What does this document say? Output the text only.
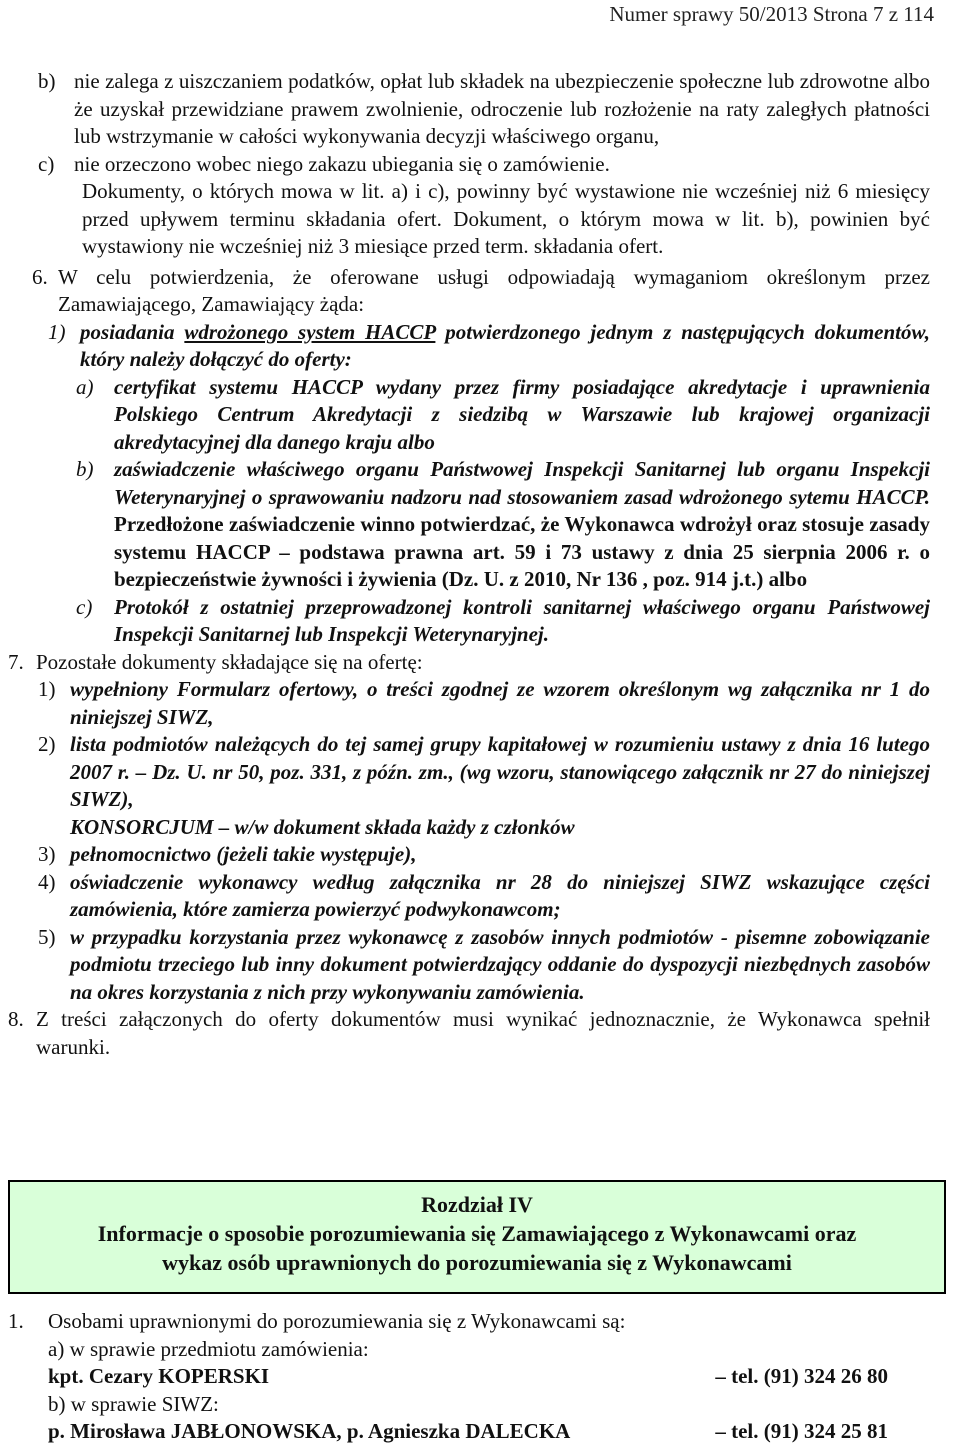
Numer sprawy 50/2013 Strona 7 z 114
b) nie zalega z uiszczaniem podatków, opłat lub składek na ubezpieczenie społeczne lub zdrowotne albo że uzyskał przewidziane prawem zwolnienie, odroczenie lub rozłożenie na raty zaległych płatności lub wstrzymanie w całości wykonywania decyzji właściwego organu,
c) nie orzeczono wobec niego zakazu ubiegania się o zamówienie.

Dokumenty, o których mowa w lit. a) i c), powinny być wystawione nie wcześniej niż 6 miesięcy przed upływem terminu składania ofert. Dokument, o którym mowa w lit. b), powinien być wystawiony nie wcześniej niż 3 miesiące przed term. składania ofert.

6. W celu potwierdzenia, że oferowane usługi odpowiadają wymaganiom określonym przez Zamawiającego, Zamawiający żąda:
1) posiadania wdrożonego system HACCP potwierdzonego jednym z następujących dokumentów, który należy dołączyć do oferty:
a) certyfikat systemu HACCP wydany przez firmy posiadające akredytacje i uprawnienia Polskiego Centrum Akredytacji z siedzibą w Warszawie lub krajowej organizacji akredytacyjnej dla danego kraju albo
b) zaświadczenie właściwego organu Państwowej Inspekcji Sanitarnej lub organu Inspekcji Weterynaryjnej o sprawowaniu nadzoru nad stosowaniem zasad wdrożonego sytemu HACCP. Przedłożone zaświadczenie winno potwierdzać, że Wykonawca wdrożył oraz stosuje zasady systemu HACCP – podstawa prawna art. 59 i 73 ustawy z dnia 25 sierpnia 2006 r. o bezpieczeństwie żywności i żywienia (Dz. U. z 2010, Nr 136 , poz. 914 j.t.) albo
c)	Protokół z ostatniej przeprowadzonej kontroli sanitarnej właściwego organu Państwowej Inspekcji Sanitarnej lub Inspekcji Weterynaryjnej.
7. Pozostałe dokumenty składające się na ofertę:
1) wypełniony Formularz ofertowy, o treści zgodnej ze wzorem określonym wg załącznika nr 1 do niniejszej SIWZ,
2) lista podmiotów należących do tej samej grupy kapitałowej w rozumieniu ustawy z dnia 16 lutego 2007 r. – Dz. U. nr 50, poz. 331, z późn. zm., (wg wzoru, stanowiącego załącznik nr 27 do niniejszej SIWZ),
KONSORCJUM – w/w dokument składa każdy z członków
3) pełnomocnictwo (jeżeli takie występuje),
4) oświadczenie wykonawcy według załącznika nr 28 do niniejszej SIWZ wskazujące części zamówienia, które zamierza powierzyć podwykonawcom;
5) w przypadku korzystania przez wykonawcę z zasobów innych podmiotów - pisemne zobowiązanie podmiotu trzeciego lub inny dokument potwierdzający oddanie do dyspozycji niezbędnych zasobów na okres korzystania z nich przy wykonywaniu zamówienia.
8. Z treści załączonych do oferty dokumentów musi wynikać jednoznacznie, że Wykonawca spełnił warunki.
Rozdział IV
Informacje o sposobie porozumiewania się Zamawiającego z Wykonawcami oraz
wykaz osób uprawnionych do porozumiewania się z Wykonawcami
1.	Osobami uprawnionymi do porozumiewania się z Wykonawcami są:
a) w sprawie przedmiotu zamówienia:
kpt. Cezary KOPERSKI	– tel. (91) 324 26 80
b) w sprawie SIWZ:
p. Mirosława JABŁONOWSKA, p. Agnieszka DALECKA	– tel. (91) 324 25 81
